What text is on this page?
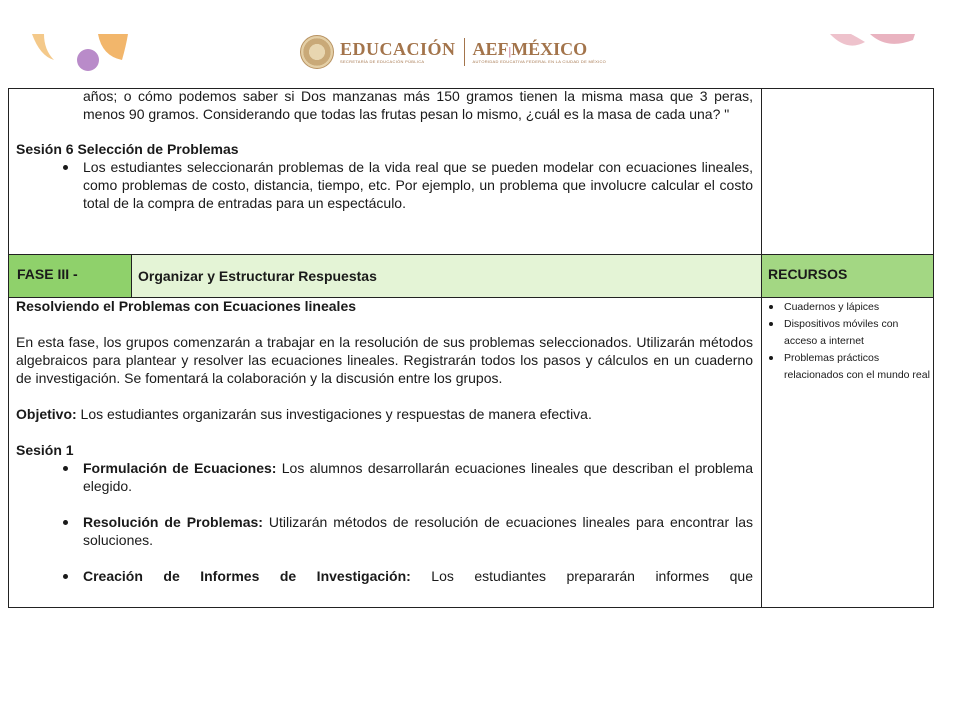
EDUCACIÓN
SECRETARÍA DE EDUCACIÓN PÚBLICA
AEF|MÉXICO
AUTORIDAD EDUCATIVA FEDERAL EN LA CIUDAD DE MÉXICO

años; o cómo podemos saber si Dos manzanas más 150 gramos tienen la misma masa que 3 peras, menos 90 gramos. Considerando que todas las frutas pesan lo mismo, ¿cuál es la masa de cada una? "

Sesión 6 Selección de Problemas

Los estudiantes seleccionarán problemas de la vida real que se pueden modelar con ecuaciones lineales, como problemas de costo, distancia, tiempo, etc. Por ejemplo, un problema que involucre calcular el costo total de la compra de entradas para un espectáculo.

FASE III -	Organizar y Estructurar Respuestas	RECURSOS

Resolviendo el Problemas con Ecuaciones lineales

En esta fase, los grupos comenzarán a trabajar en la resolución de sus problemas seleccionados. Utilizarán métodos algebraicos para plantear y resolver las ecuaciones lineales. Registrarán todos los pasos y cálculos en un cuaderno de investigación. Se fomentará la colaboración y la discusión entre los grupos.

Objetivo: Los estudiantes organizarán sus investigaciones y respuestas de manera efectiva.

Sesión 1

Formulación de Ecuaciones: Los alumnos desarrollarán ecuaciones lineales que describan el problema elegido.

Resolución de Problemas: Utilizarán métodos de resolución de ecuaciones lineales para encontrar las soluciones.

Creación de Informes de Investigación: Los estudiantes prepararán informes que

Cuadernos y lápices
Dispositivos móviles con acceso a internet
Problemas prácticos relacionados con el mundo real
